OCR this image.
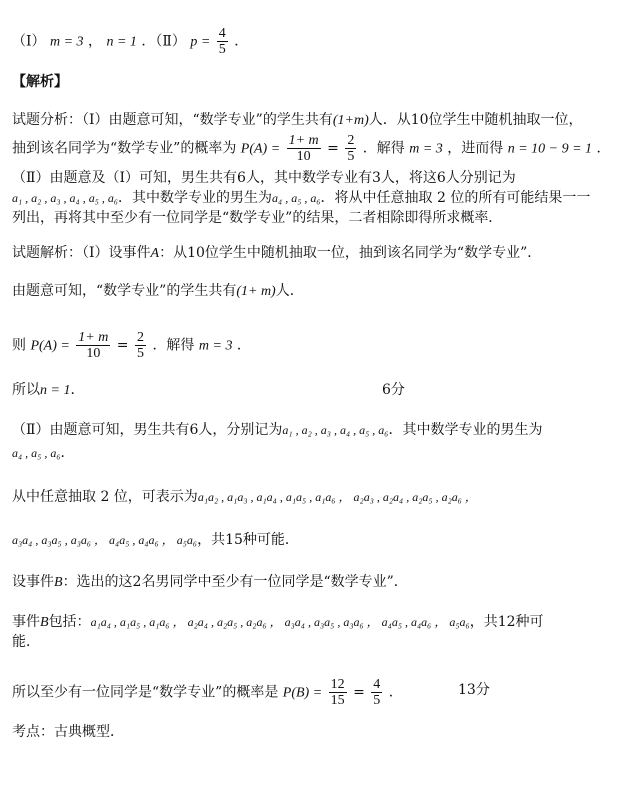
（Ⅰ） m = 3 ， n = 1 ．（Ⅱ） $p = \frac{4}{5}$ ．
【解析】
试题分析：（Ⅰ）由题意可知，“数学专业”的学生共有(1+m)人．从10位学生中随机抽取一位，
抽到该名同学为“数学专业”的概率为 $P(A) = \frac{1+ m}{10} = \frac{2}{5}$ ．解得 m = 3 ，进而得 n = 10 − 9 = 1 ．
（Ⅱ）由题意及（Ⅰ）可知，男生共有6人，其中数学专业有3人，将这6人分别记为
a₁ , a₂ , a₃ , a₄ , a₅ , a₆．其中数学专业的男生为a₄ , a₅ , a₆．将从中任意抽取 2 位的所有可能结果一一
列出，再将其中至少有一位同学是“数学专业”的结果，二者相除即得所求概率．
试题解析：（Ⅰ）设事件A：从10位学生中随机抽取一位，抽到该名同学为“数学专业”．
由题意可知，“数学专业”的学生共有(1+ m)人．
则 $P(A) = \frac{1+ m}{10} = \frac{2}{5}$ ．解得 m = 3 ．
所以n = 1．	6分
（Ⅱ）由题意可知，男生共有6人，分别记为a₁ , a₂ , a₃ , a₄ , a₅ , a₆．其中数学专业的男生为
a₄ , a₅ , a₆．
从中任意抽取 2 位，可表示为a₁a₂ , a₁a₃ , a₁a₄ , a₁a₅ , a₁a₆ ， a₂a₃ , a₂a₄ , a₂a₅ , a₂a₆ ，
a₃a₄ , a₃a₅ , a₃a₆ ， a₄a₅ , a₄a₆ ， a₅a₆，共15种可能．
设事件B：选出的这2名男同学中至少有一位同学是“数学专业”．
事件B包括：a₁a₄ , a₁a₅ , a₁a₆ ， a₂a₄ , a₂a₅ , a₂a₆ ， a₃a₄ , a₃a₅ , a₃a₆ ， a₄a₅ , a₄a₆ ， a₅a₆，共12种可
能．
所以至少有一位同学是“数学专业”的概率是 $P(B) = \frac{12}{15} = \frac{4}{5}$ ．	13分
考点：古典概型．
